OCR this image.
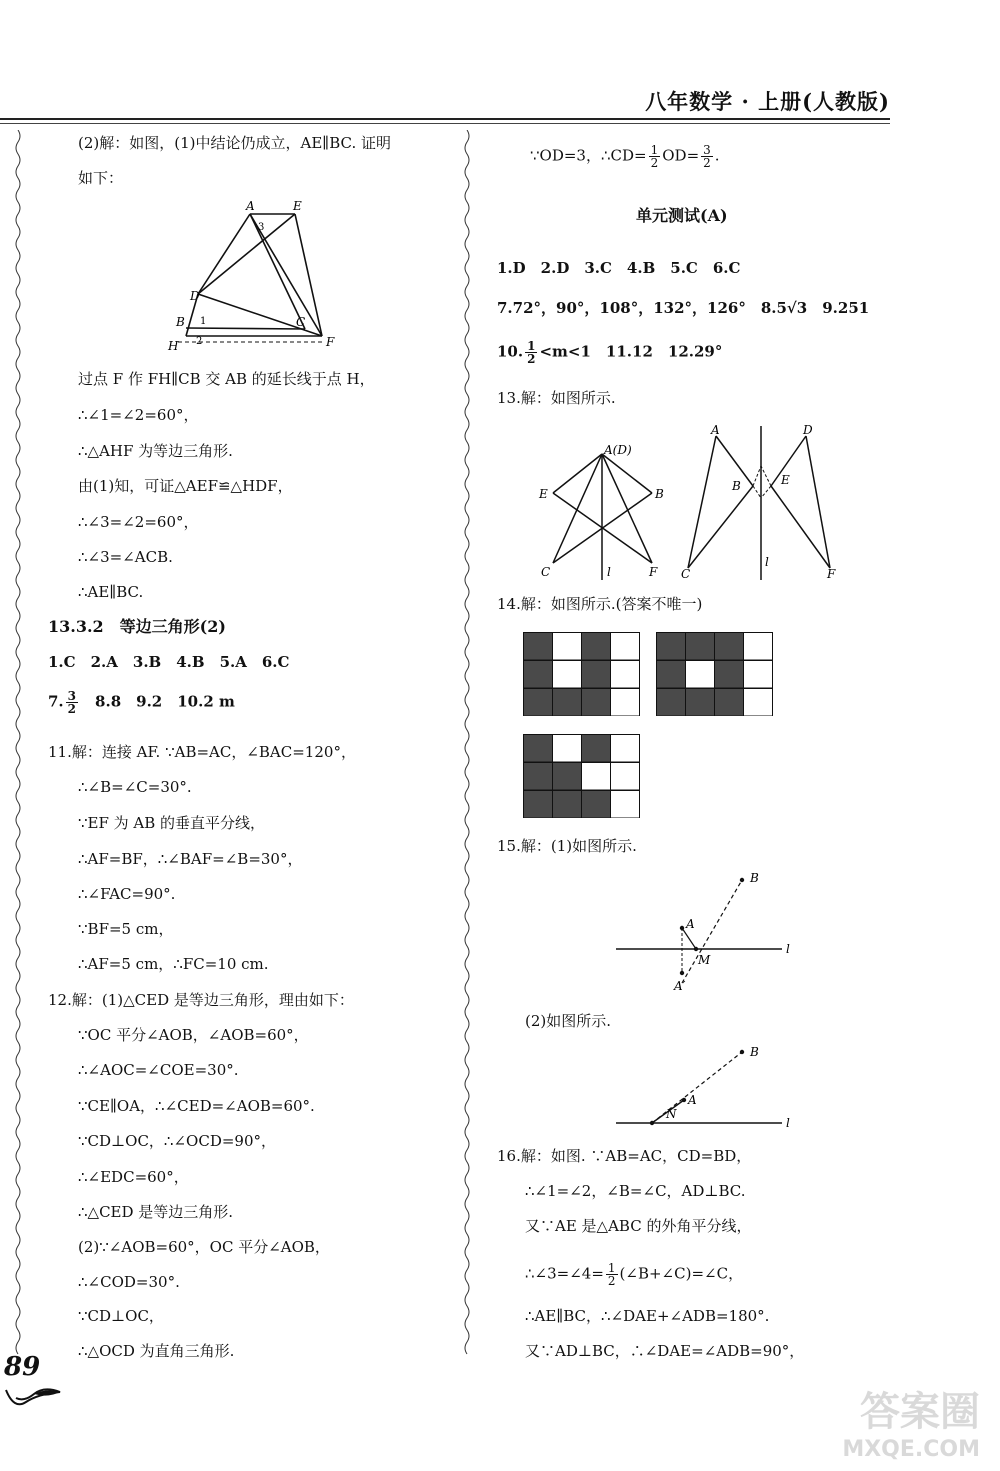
八年数学 · 上册(人教版)
(2)解：如图，(1)中结论仍成立，AE∥BC. 证明
如下：
A	E
3
D
B 1	C
2
H	F
过点 F 作 FH∥CB 交 AB 的延长线于点 H，
∴∠1=∠2=60°，
∴△AHF 为等边三角形.
由(1)知，可证△AEF≌△HDF，
∴∠3=∠2=60°，
∴∠3=∠ACB.
∴AE∥BC.
13.3.2　等边三角形(2)
1.C　2.A　3.B　4.B　5.A　6.C
7. $\frac{3}{2}$ 　8.8　9.2　10.2 m
11.解：连接 AF. ∵AB=AC，∠BAC=120°，
∴∠B=∠C=30°.
∵EF 为 AB 的垂直平分线，
∴AF=BF，∴∠BAF=∠B=30°，
∴∠FAC=90°.
∵BF=5 cm，
∴AF=5 cm，∴FC=10 cm.
12.解：(1)△CED 是等边三角形，理由如下：
∵OC 平分∠AOB，∠AOB=60°，
∴∠AOC=∠COE=30°.
∵CE∥OA，∴∠CED=∠AOB=60°.
∵CD⊥OC，∴∠OCD=90°，
∴∠EDC=60°，
∴△CED 是等边三角形.
(2)∵∠AOB=60°，OC 平分∠AOB，
∴∠COD=30°.
∵CD⊥OC，
∴△OCD 为直角三角形.
∵OD=3，∴CD= $\frac{1}{2} OD= \frac{3}{2}$ .
单元测试(A)
1.D　2.D　3.C　4.B　5.C　6.C
7.72°，90°，108°，132°，126°　8.5√3　9.251
10. $\frac{1}{2} <m<1$　11.12　12.29°
13.解：如图所示.
A(D)
E	B
C	l	F
A	D
B	E
C
l
F
14.解：如图所示.(答案不唯一)
15.解：(1)如图所示.
B
A
M
l
A′
(2)如图所示.
B
A
N
l
16.解：如图. ∵AB=AC，CD=BD，
∴∠1=∠2，∠B=∠C，AD⊥BC.
又∵AE 是△ABC 的外角平分线，
∴∠3=∠4= $\frac{1}{2}$ (∠B+∠C)=∠C，
∴AE∥BC，∴∠DAE+∠ADB=180°.
又∵AD⊥BC，∴∠DAE=∠ADB=90°，
89
答案圈
MXQE.COM
